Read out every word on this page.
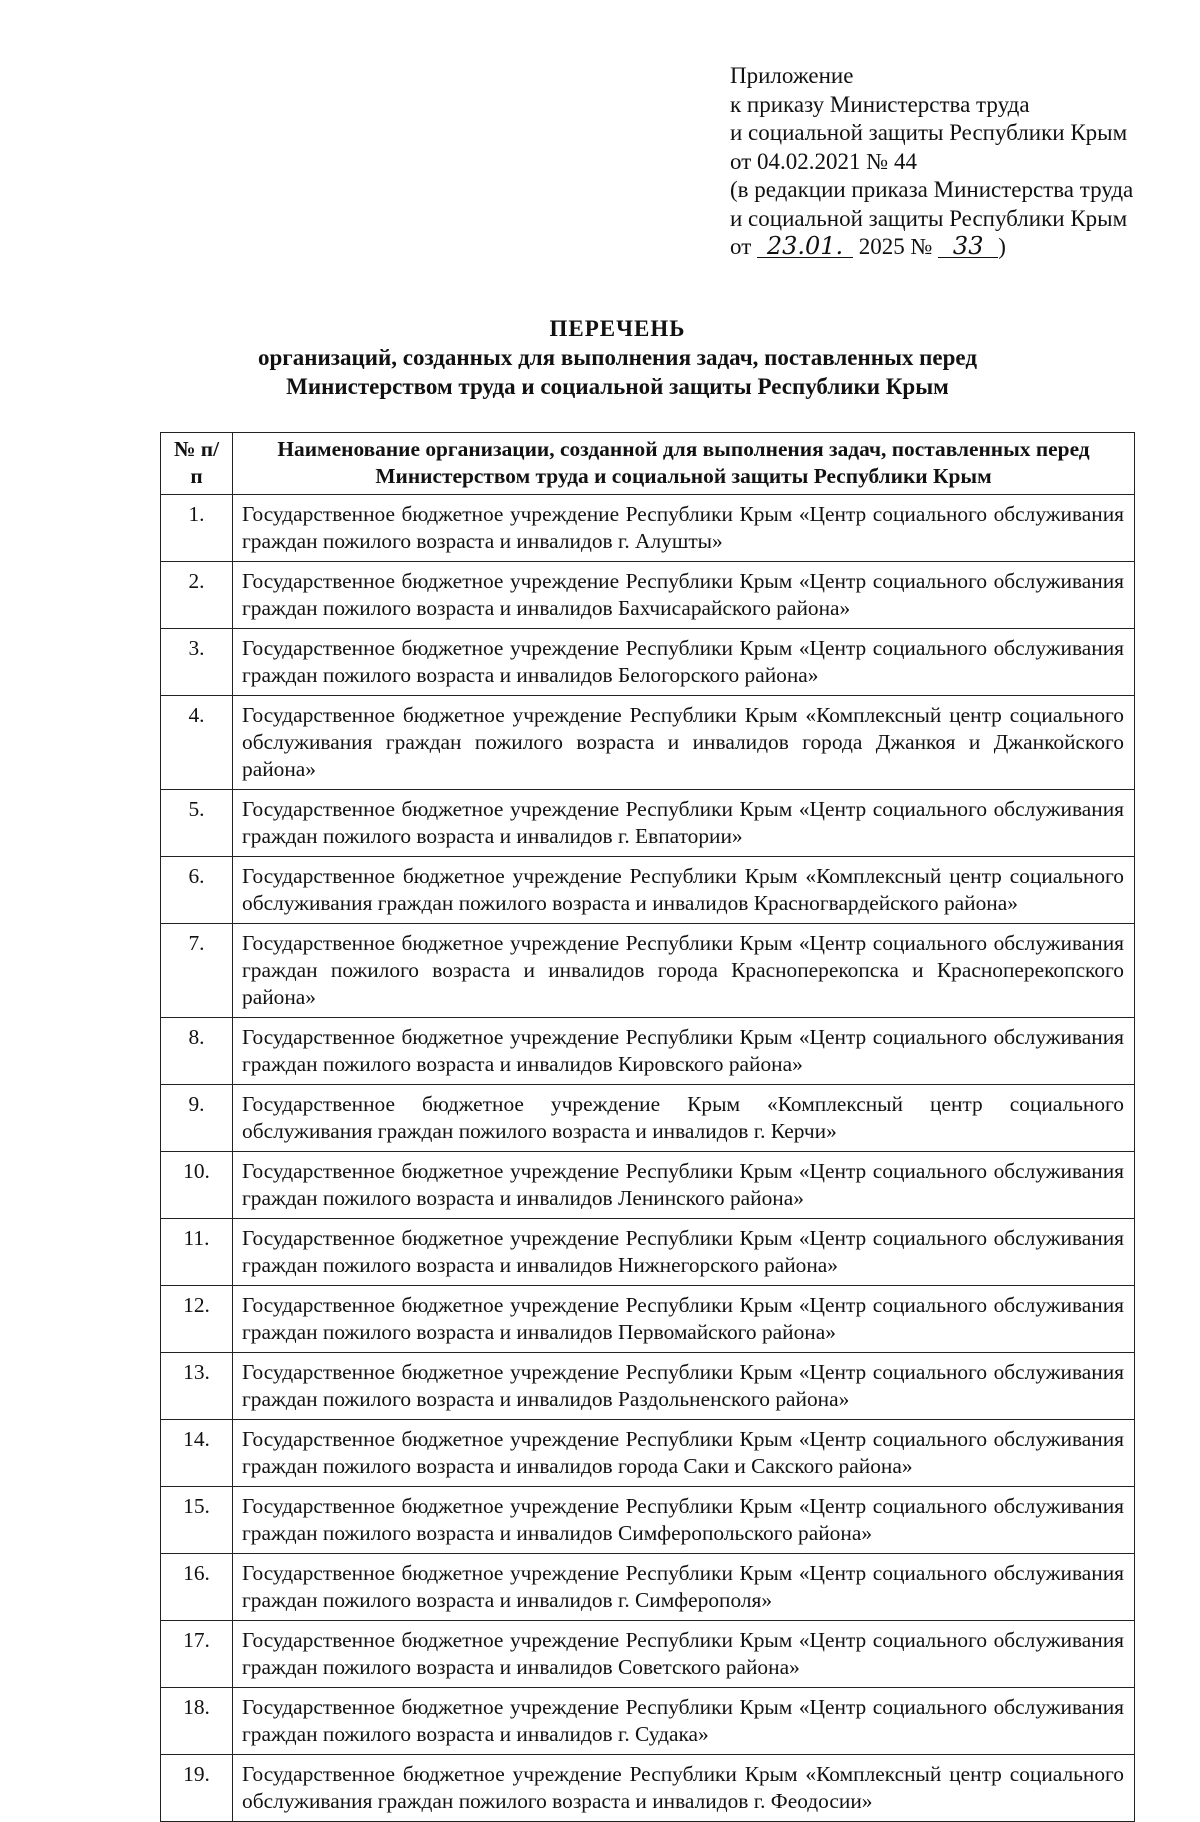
Приложение
к приказу Министерства труда
и социальной защиты Республики Крым
от 04.02.2021 № 44
(в редакции приказа Министерства труда
и социальной защиты Республики Крым
от 23.01. 2025 № 33 )
ПЕРЕЧЕНЬ
организаций, созданных для выполнения задач, поставленных перед
Министерством труда и социальной защиты Республики Крым
№ п/п	Наименование организации, созданной для выполнения задач, поставленных перед Министерством труда и социальной защиты Республики Крым
1.	Государственное бюджетное учреждение Республики Крым «Центр социального обслуживания граждан пожилого возраста и инвалидов г. Алушты»
2.	Государственное бюджетное учреждение Республики Крым «Центр социального обслуживания граждан пожилого возраста и инвалидов Бахчисарайского района»
3.	Государственное бюджетное учреждение Республики Крым «Центр социального обслуживания граждан пожилого возраста и инвалидов Белогорского района»
4.	Государственное бюджетное учреждение Республики Крым «Комплексный центр социального обслуживания граждан пожилого возраста и инвалидов города Джанкоя и Джанкойского района»
5.	Государственное бюджетное учреждение Республики Крым «Центр социального обслуживания граждан пожилого возраста и инвалидов г. Евпатории»
6.	Государственное бюджетное учреждение Республики Крым «Комплексный центр социального обслуживания граждан пожилого возраста и инвалидов Красногвардейского района»
7.	Государственное бюджетное учреждение Республики Крым «Центр социального обслуживания граждан пожилого возраста и инвалидов города Красноперекопска и Красноперекопского района»
8.	Государственное бюджетное учреждение Республики Крым «Центр социального обслуживания граждан пожилого возраста и инвалидов Кировского района»
9.	Государственное бюджетное учреждение Крым «Комплексный центр социального обслуживания граждан пожилого возраста и инвалидов г. Керчи»
10.	Государственное бюджетное учреждение Республики Крым «Центр социального обслуживания граждан пожилого возраста и инвалидов Ленинского района»
11.	Государственное бюджетное учреждение Республики Крым «Центр социального обслуживания граждан пожилого возраста и инвалидов Нижнегорского района»
12.	Государственное бюджетное учреждение Республики Крым «Центр социального обслуживания граждан пожилого возраста и инвалидов Первомайского района»
13.	Государственное бюджетное учреждение Республики Крым «Центр социального обслуживания граждан пожилого возраста и инвалидов Раздольненского района»
14.	Государственное бюджетное учреждение Республики Крым «Центр социального обслуживания граждан пожилого возраста и инвалидов города Саки и Сакского района»
15.	Государственное бюджетное учреждение Республики Крым «Центр социального обслуживания граждан пожилого возраста и инвалидов Симферопольского района»
16.	Государственное бюджетное учреждение Республики Крым «Центр социального обслуживания граждан пожилого возраста и инвалидов г. Симферополя»
17.	Государственное бюджетное учреждение Республики Крым «Центр социального обслуживания граждан пожилого возраста и инвалидов Советского района»
18.	Государственное бюджетное учреждение Республики Крым «Центр социального обслуживания граждан пожилого возраста и инвалидов г. Судака»
19.	Государственное бюджетное учреждение Республики Крым «Комплексный центр социального обслуживания граждан пожилого возраста и инвалидов г. Феодосии»
